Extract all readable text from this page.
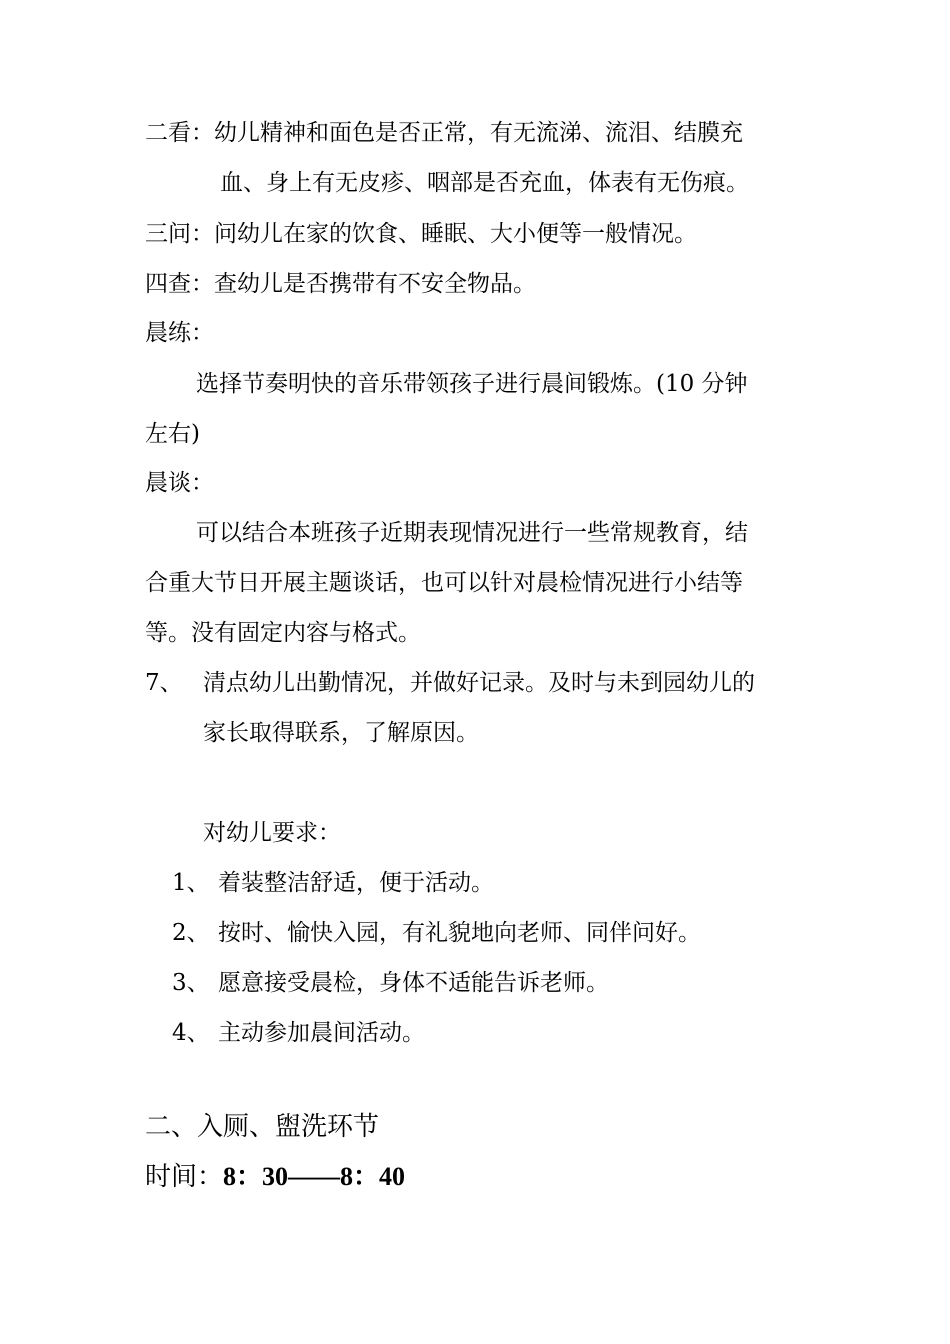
二看：幼儿精神和面色是否正常，有无流涕、流泪、结膜充
血、身上有无皮疹、咽部是否充血，体表有无伤痕。
三问：问幼儿在家的饮食、睡眠、大小便等一般情况。
四查：查幼儿是否携带有不安全物品。
晨练：
选择节奏明快的音乐带领孩子进行晨间锻炼。(10 分钟
左右)
晨谈：
可以结合本班孩子近期表现情况进行一些常规教育，结
合重大节日开展主题谈话，也可以针对晨检情况进行小结等
等。没有固定内容与格式。
7、 清点幼儿出勤情况，并做好记录。及时与未到园幼儿的
家长取得联系，了解原因。
对幼儿要求：
1、 着装整洁舒适，便于活动。
2、 按时、愉快入园，有礼貌地向老师、同伴问好。
3、 愿意接受晨检，身体不适能告诉老师。
4、 主动参加晨间活动。
二、入厕、盥洗环节
时间：8：30——8：40
